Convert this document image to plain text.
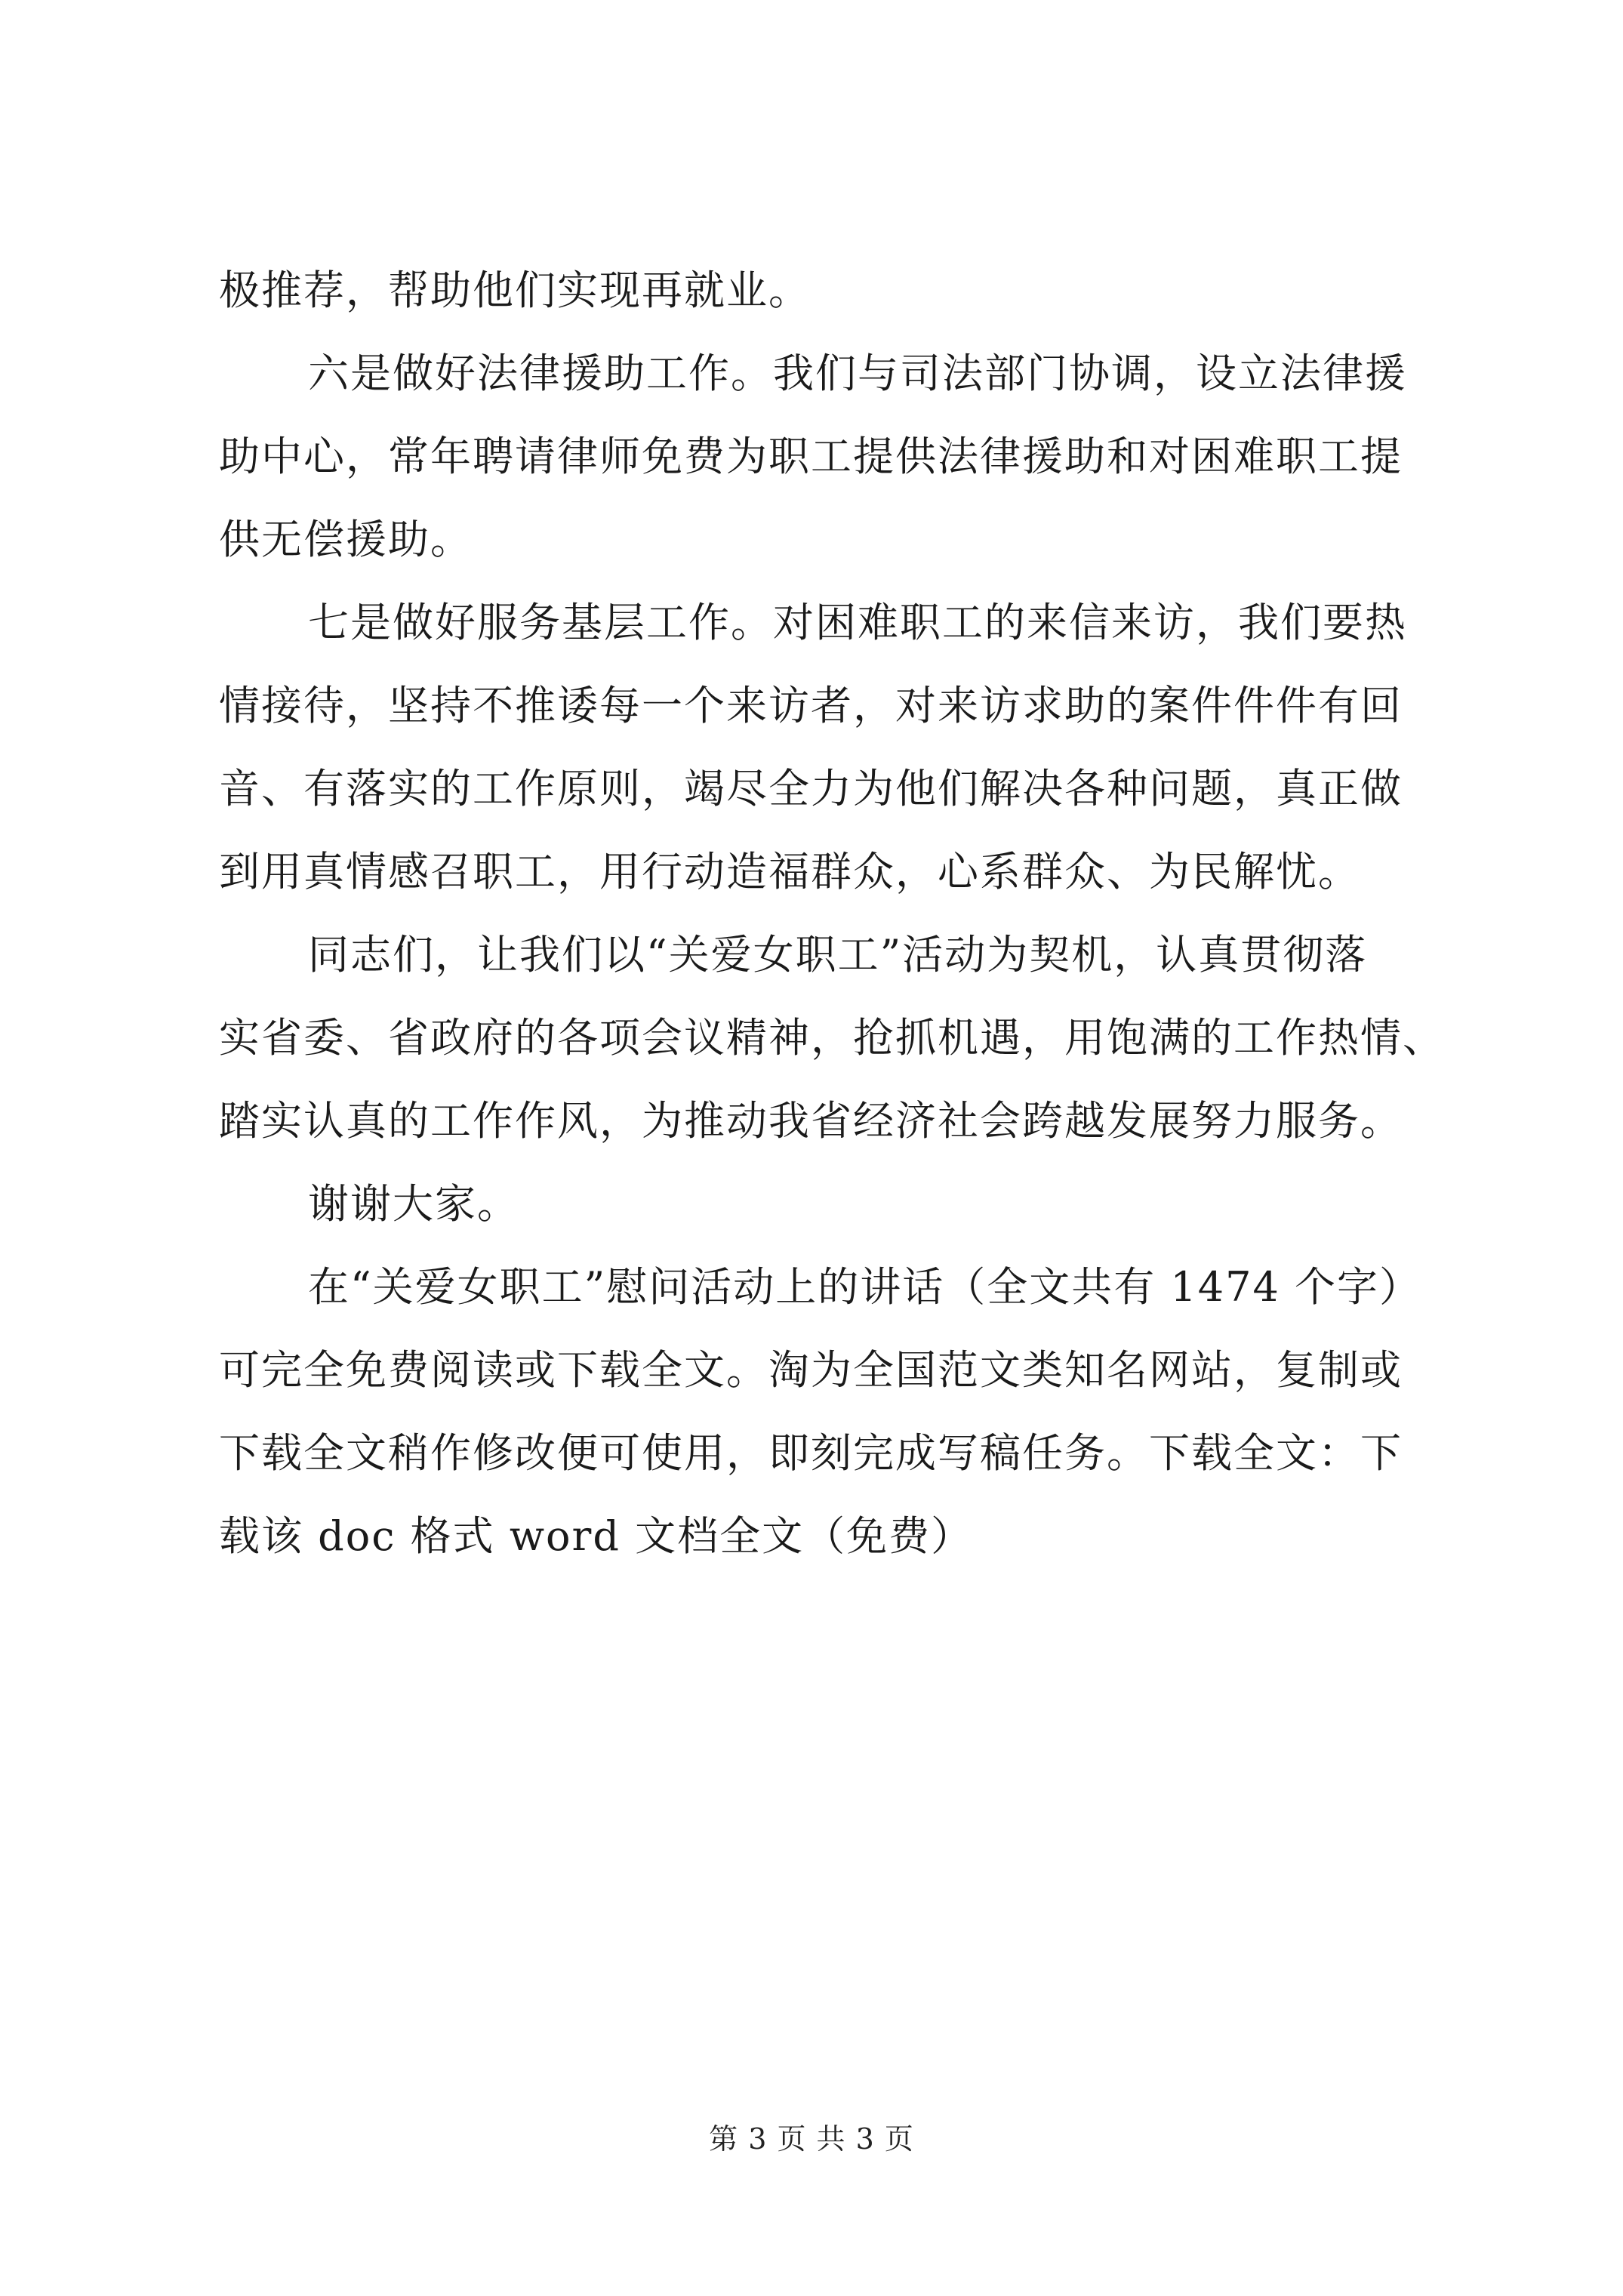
极推荐，帮助他们实现再就业。
六是做好法律援助工作。我们与司法部门协调，设立法律援
助中心，常年聘请律师免费为职工提供法律援助和对困难职工提
供无偿援助。
七是做好服务基层工作。对困难职工的来信来访，我们要热
情接待，坚持不推诿每一个来访者，对来访求助的案件件件有回
音、有落实的工作原则，竭尽全力为他们解决各种问题，真正做
到用真情感召职工，用行动造福群众，心系群众、为民解忧。
同志们，让我们以“关爱女职工”活动为契机，认真贯彻落
实省委、省政府的各项会议精神，抢抓机遇，用饱满的工作热情、
踏实认真的工作作风，为推动我省经济社会跨越发展努力服务。
谢谢大家。
在“关爱女职工”慰问活动上的讲话（全文共有 1474 个字）
可完全免费阅读或下载全文。淘为全国范文类知名网站，复制或
下载全文稍作修改便可使用，即刻完成写稿任务。下载全文：下
载该 doc 格式 word 文档全文（免费）
第 3 页 共 3 页
